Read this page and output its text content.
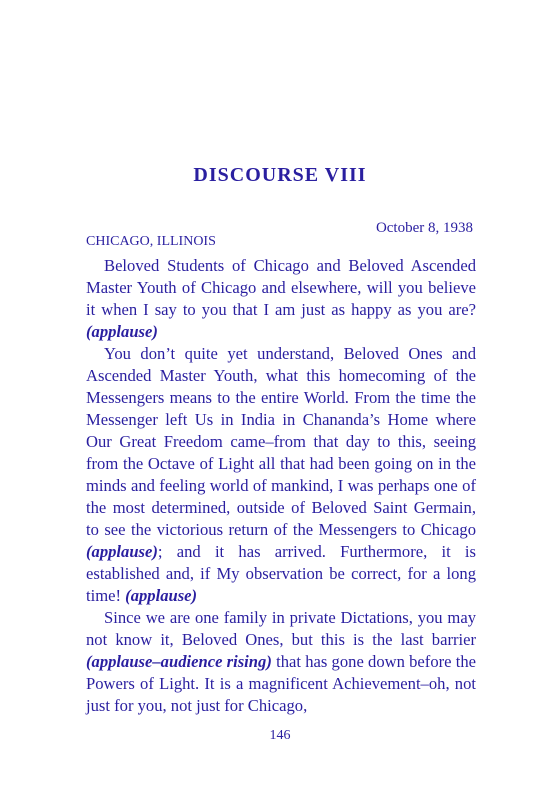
DISCOURSE VIII
October 8, 1938
CHICAGO, ILLINOIS

Beloved Students of Chicago and Beloved Ascended Master Youth of Chicago and elsewhere, will you believe it when I say to you that I am just as happy as you are? (applause)

You don’t quite yet understand, Beloved Ones and Ascended Master Youth, what this homecoming of the Messengers means to the entire World. From the time the Messenger left Us in India in Chananda’s Home where Our Great Freedom came–from that day to this, seeing from the Octave of Light all that had been going on in the minds and feeling world of mankind, I was perhaps one of the most determined, outside of Beloved Saint Germain, to see the victorious return of the Messengers to Chicago (applause); and it has arrived. Furthermore, it is established and, if My observation be correct, for a long time! (applause)

Since we are one family in private Dictations, you may not know it, Beloved Ones, but this is the last barrier (applause–audience rising) that has gone down before the Powers of Light. It is a magnificent Achievement–oh, not just for you, not just for Chicago,

146
